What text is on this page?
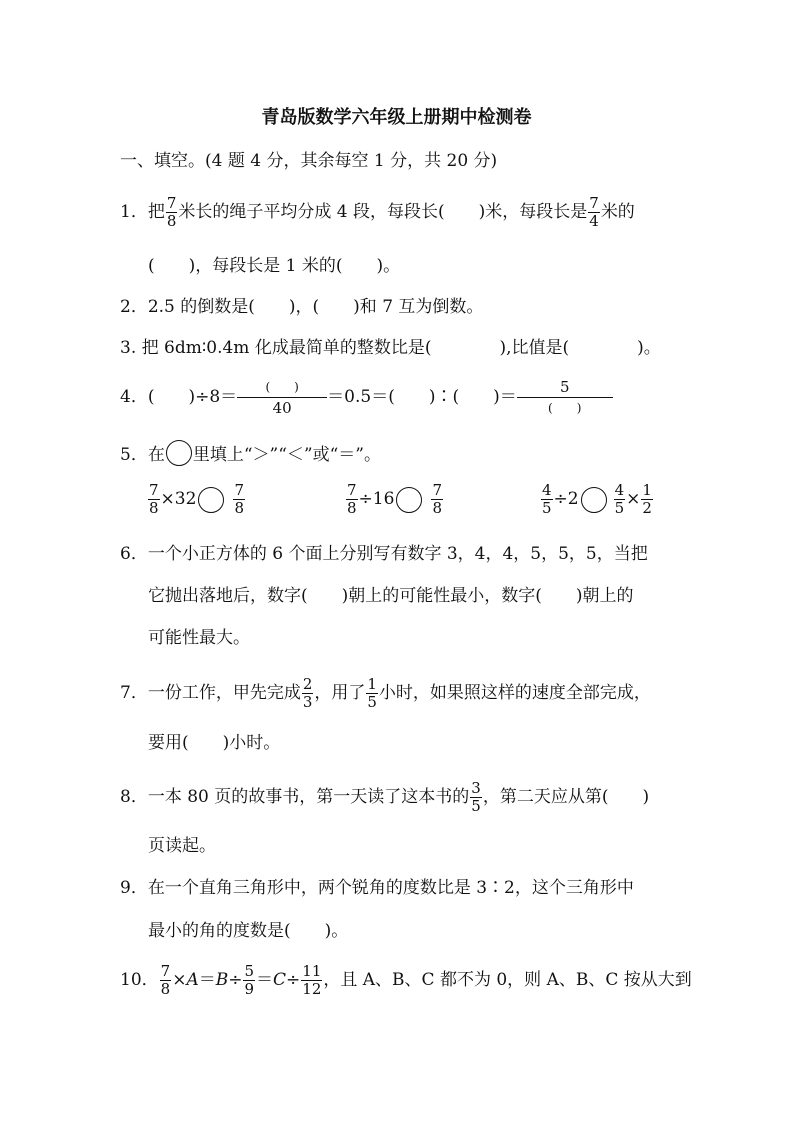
青岛版数学六年级上册期中检测卷
一、填空。(4 题 4 分，其余每空 1 分，共 20 分)
1．把 $\frac{7}{8}$ 米长的绳子平均分成 4 段，每段长(　　)米，每段长是 $\frac{7}{4}$ 米的
(　　)，每段长是 1 米的(　　)。
2．2.5 的倒数是(　　)，(　　)和 7 互为倒数。
3. 把 6dm∶0.4m 化成最简单的整数比是(　　　　),比值是(　　　　)。
4．(　　)÷8＝	(　　)
40
＝0.5＝(　　)∶(　　)＝	5
(　　)
5．在 里填上“＞”“＜”或“＝”。
$\frac{7}{8} \times 32 \frac{7}{8}$	$\frac{7}{8} \div 16 \frac{7}{8}$	$\frac{4}{5} \div 2 \frac{4}{5} \times \frac{1}{2}$
6．一个小正方体的 6 个面上分别写有数字 3，4，4，5，5，5，当把
它抛出落地后，数字(　　)朝上的可能性最小，数字(　　)朝上的
可能性最大。
7．一份工作，甲先完成 $\frac{2}{3}$ ，用了 $\frac{1}{5}$ 小时，如果照这样的速度全部完成，
要用(　　)小时。
8．一本 80 页的故事书，第一天读了这本书的 $\frac{3}{5}$ ，第二天应从第(　　)
页读起。
9．在一个直角三角形中，两个锐角的度数比是 3∶2，这个三角形中
最小的角的度数是(　　)。
10． $\frac{7}{8} \times A=B\div \frac{5}{9} =C\div \frac{11}{12}$ ，且 A、B、C 都不为 0，则 A、B、C 按从大到
